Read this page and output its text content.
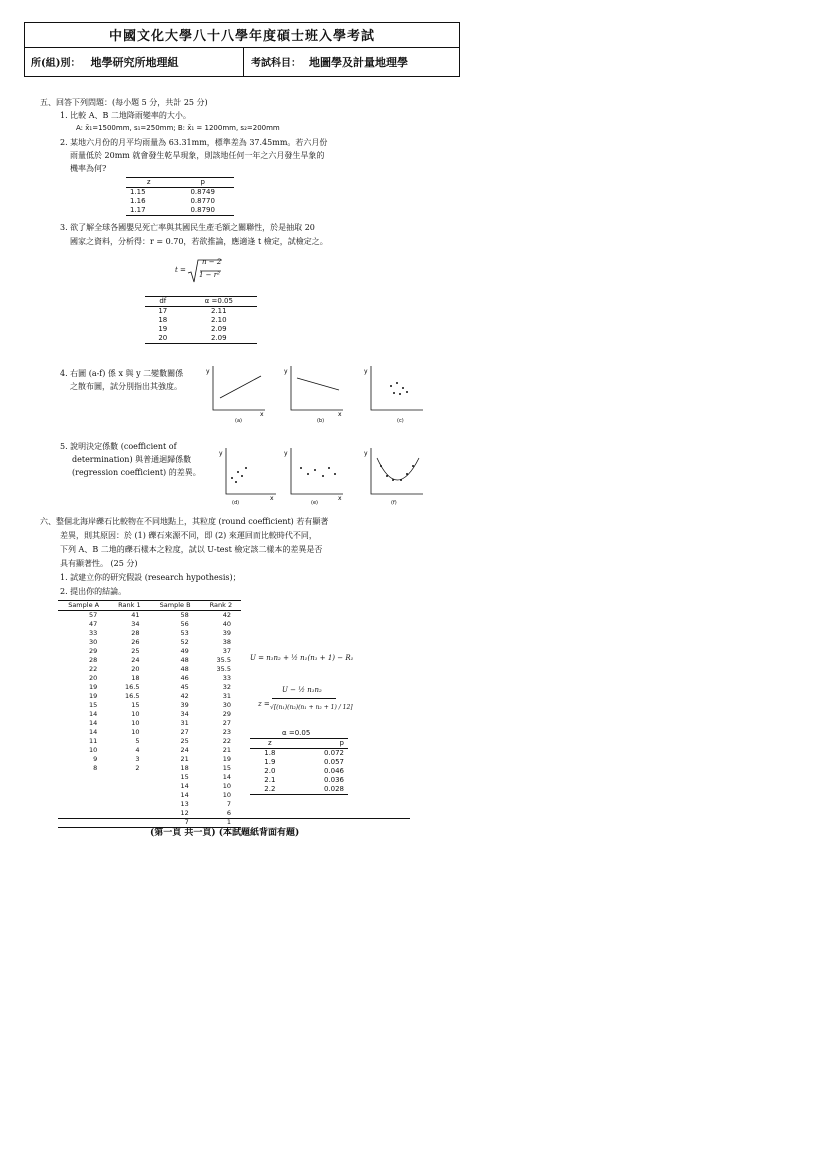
中國文化大學八十八學年度碩士班入學考試
所(組)別： 地學研究所地理組	考試科目： 地圖學及計量地理學
五、回答下列問題：(每小題 5 分，共計 25 分)
1. 比較 A、B 二地降雨變率的大小。
A: x̄₁=1500mm, s₁=250mm; B: x̄₁ = 1200mm, s₂=200mm
2. 某地六月份的月平均雨量為 63.31mm，標準差為 37.45mm。若六月份
雨量低於 20mm 就會發生乾旱現象，則該地任何一年之六月發生旱象的
機率為何?
z	p
1.15	0.8749
1.16	0.8770
1.17	0.8790
3. 欲了解全球各國嬰兒死亡率與其國民生產毛額之關聯性，於是抽取 20
國家之資料，分析得：r = 0.70，若欲推論，應適逢 t 檢定，試檢定之。
t =
n − 2
1 − r²
df	α =0.05
17	2.11
18	2.10
19	2.09
20	2.09
4. 右圖 (a-f) 係 x 與 y 二變數關係
之散布圖，試分別指出其強度。
5. 說明決定係數 (coefficient of
determination) 與普通迴歸係數
(regression coefficient) 的差異。
y
x
(a)
y
x
(b)
y
(c)
y
x
(d)
y
x
(e)
y
(f)
六、整個北海岸礫石比較物在不同地點上，其粒度 (round coefficient) 若有顯著
差異，則其原因：於 (1) 礫石來源不同，即 (2) 來運回而比較時代不同，
下列 A、B 二地的礫石樣本之粒度，試以 U-test 檢定該二樣本的差異是否
具有顯著性。 (25 分)
1. 試建立你的研究假設 (research hypothesis)；
2. 提出你的結論。
Sample A	Rank 1	Sample B	Rank 2
57	41	58	42
47	34	56	40
33	28	53	39
30	26	52	38
29	25	49	37
28	24	48	35.5
22	20	48	35.5
20	18	46	33
19	16.5	45	32
19	16.5	42	31
15	15	39	30
14	10	34	29
14	10	31	27
14	10	27	23
11	5	25	22
10	4	24	21
9	3	21	19
8	2	18	15
		15	14
		14	10
		14	10
		13	7
		12	6
		7	1
U = n₁n₂ + ½ n₁(n₁ + 1) − R₁
U − ½ n₁n₂
z = √[(n₁)(n₂)(n₁ + n₂ + 1) / 12]
α =0.05
z	p
1.8	0.072
1.9	0.057
2.0	0.046
2.1	0.036
2.2	0.028
(第一頁 共一頁) (本試題紙背面有題)
